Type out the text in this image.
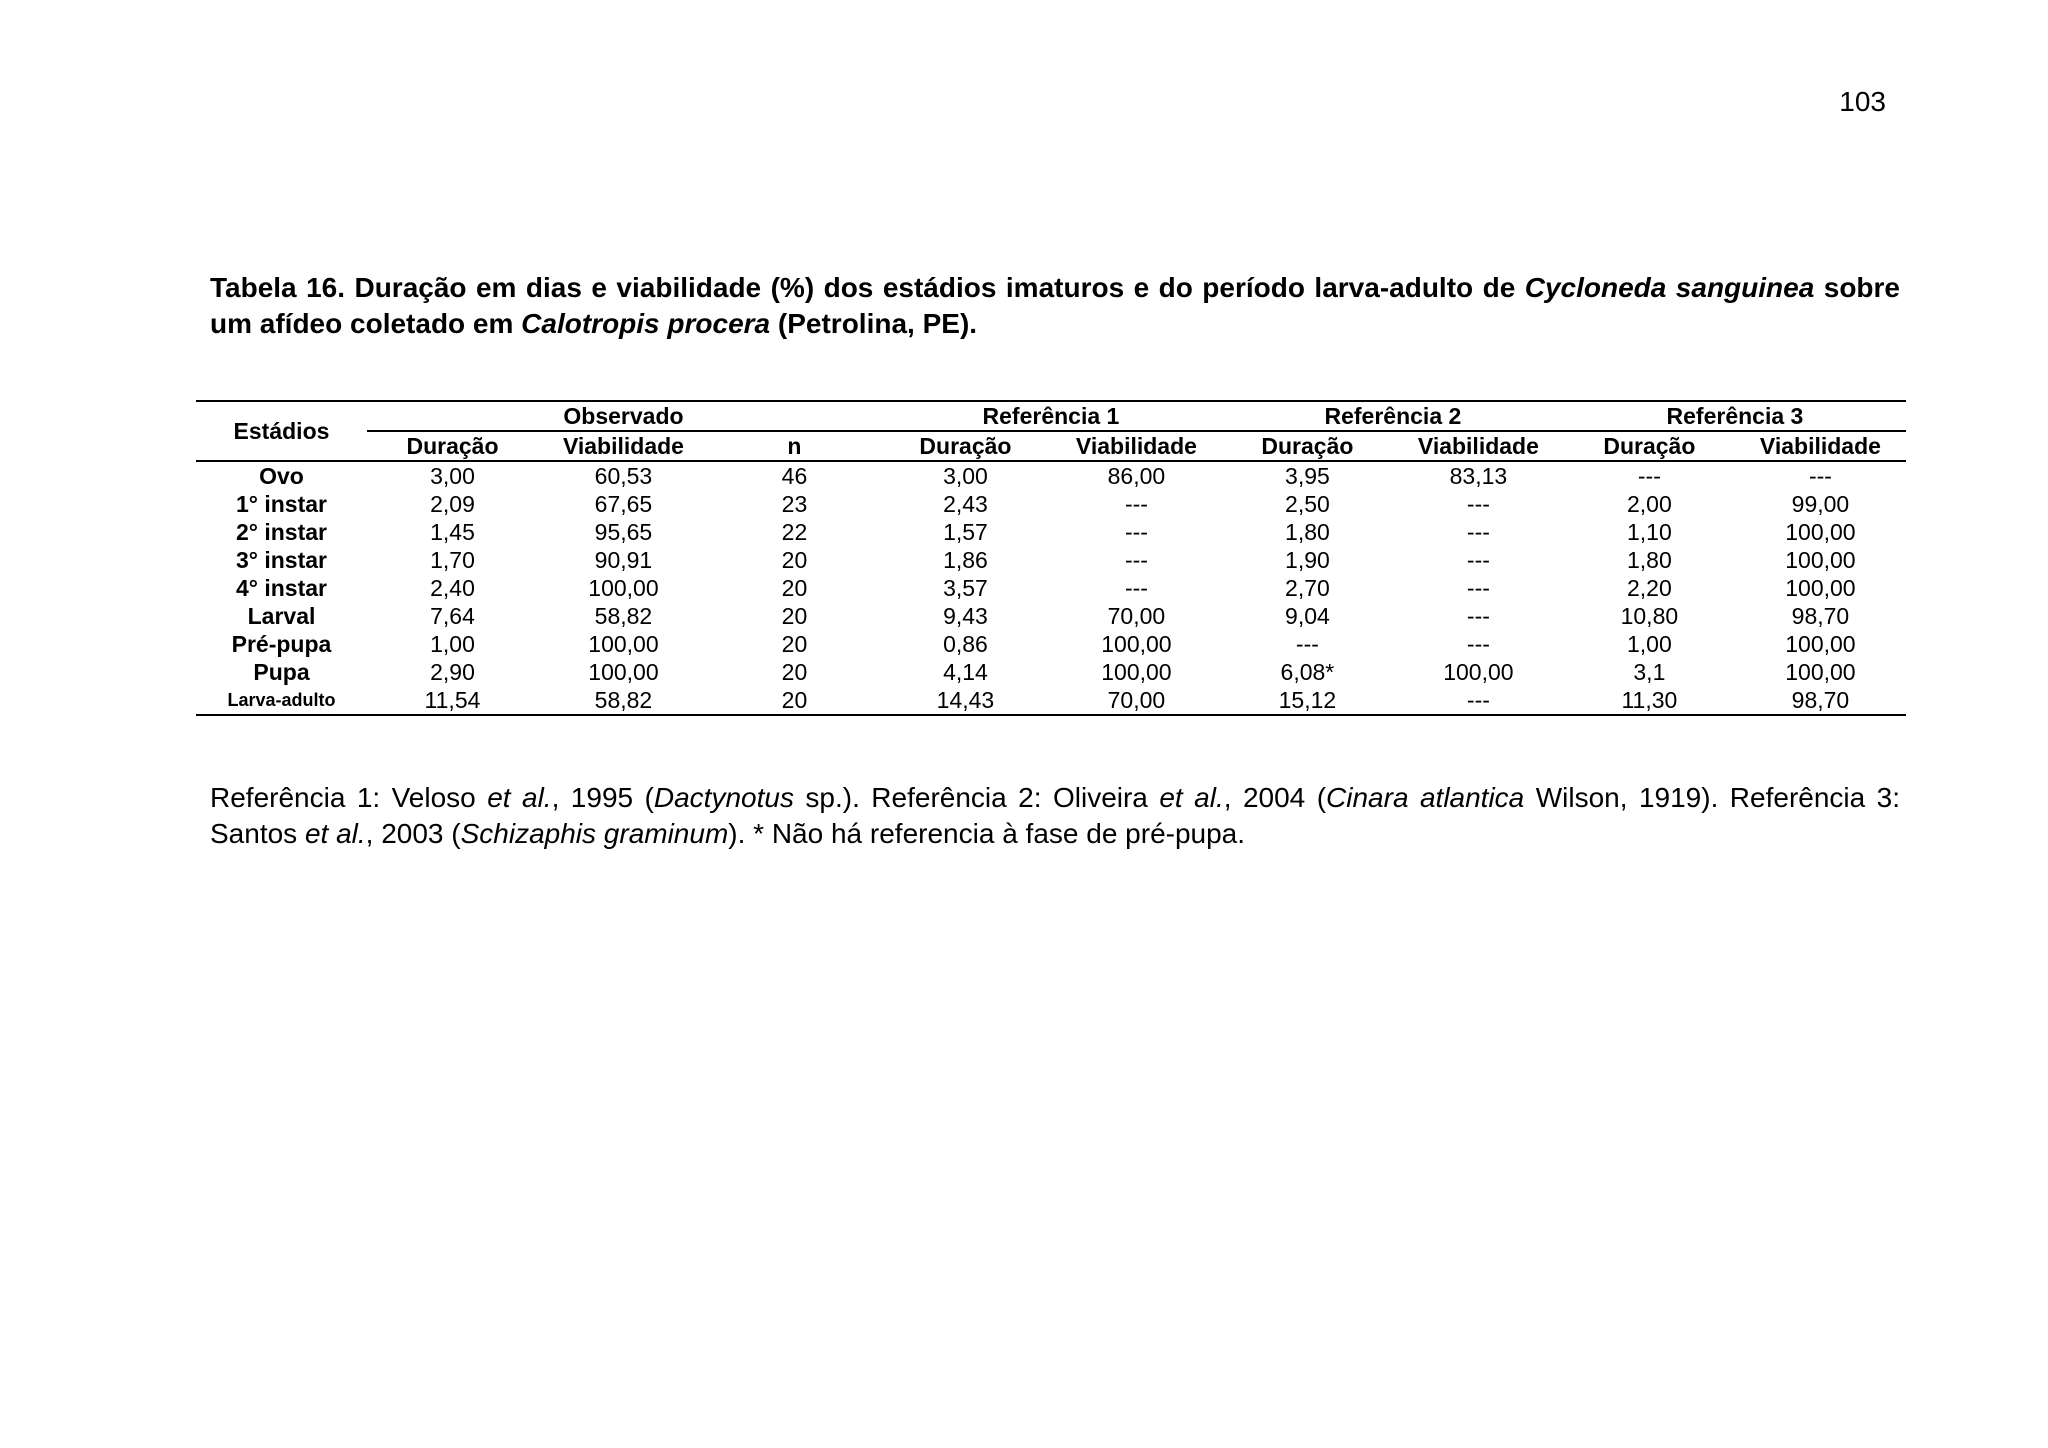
103
Tabela 16. Duração em dias e viabilidade (%) dos estádios imaturos e do período larva-adulto de Cycloneda sanguinea sobre um afídeo coletado em Calotropis procera (Petrolina, PE).
Estádios	Observado			Referência 1		Referência 2		Referência 3	
	Duração	Viabilidade	n	Duração	Viabilidade	Duração	Viabilidade	Duração	Viabilidade
Ovo	3,00	60,53	46	3,00	86,00	3,95	83,13	---	---
1° instar	2,09	67,65	23	2,43	---	2,50	---	2,00	99,00
2° instar	1,45	95,65	22	1,57	---	1,80	---	1,10	100,00
3° instar	1,70	90,91	20	1,86	---	1,90	---	1,80	100,00
4° instar	2,40	100,00	20	3,57	---	2,70	---	2,20	100,00
Larval	7,64	58,82	20	9,43	70,00	9,04	---	10,80	98,70
Pré-pupa	1,00	100,00	20	0,86	100,00	---	---	1,00	100,00
Pupa	2,90	100,00	20	4,14	100,00	6,08*	100,00	3,1	100,00
Larva-adulto	11,54	58,82	20	14,43	70,00	15,12	---	11,30	98,70
Referência 1: Veloso et al., 1995 (Dactynotus sp.). Referência 2: Oliveira et al., 2004 (Cinara atlantica Wilson, 1919). Referência 3: Santos et al., 2003 (Schizaphis graminum). * Não há referencia à fase de pré-pupa.
